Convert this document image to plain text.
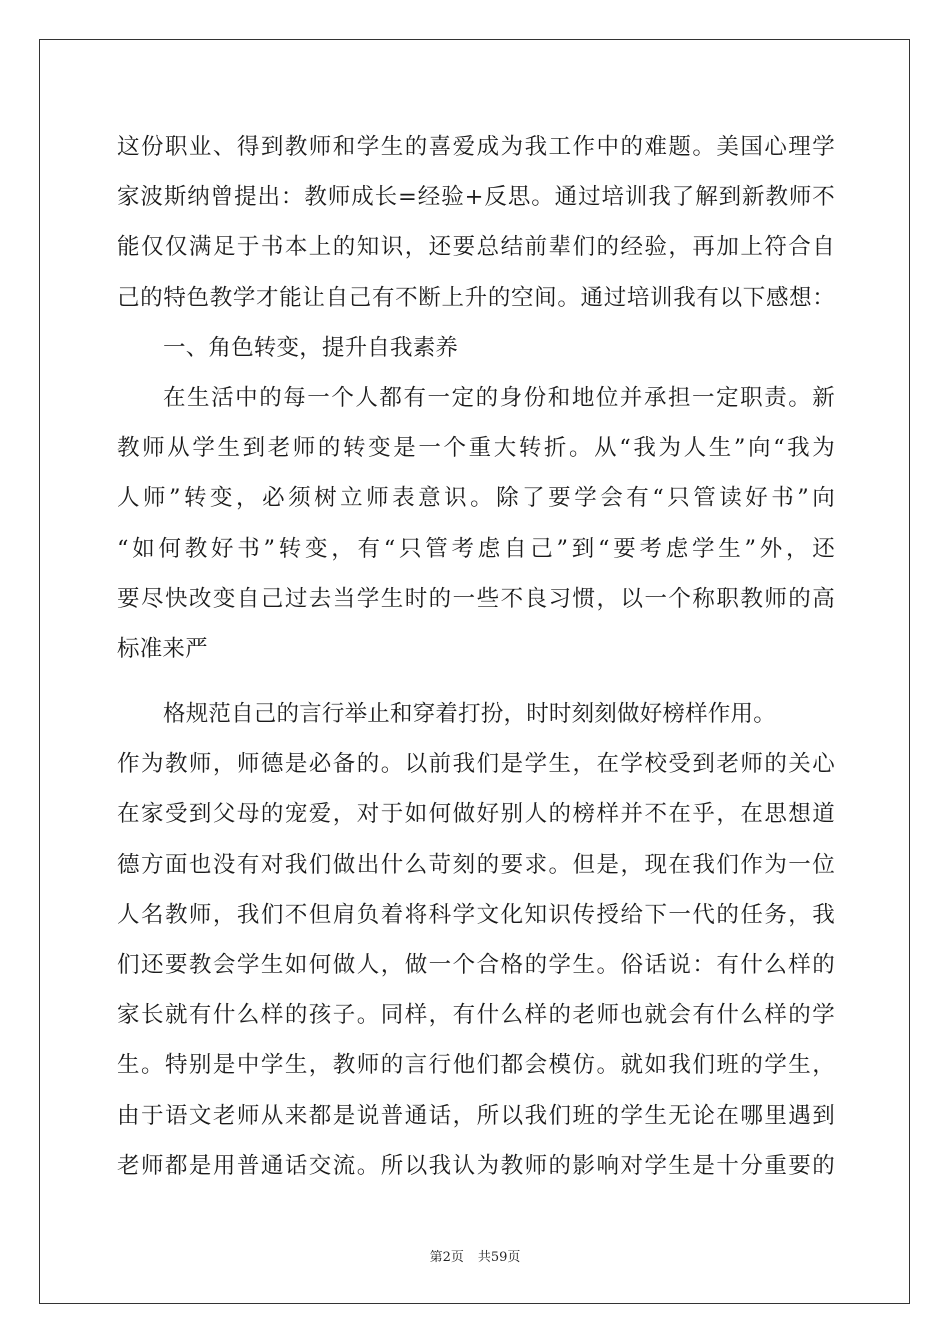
这份职业、得到教师和学生的喜爱成为我工作中的难题。美国心理学
家波斯纳曾提出：教师成长=经验+反思。通过培训我了解到新教师不
能仅仅满足于书本上的知识，还要总结前辈们的经验，再加上符合自
己的特色教学才能让自己有不断上升的空间。通过培训我有以下感想：
一、角色转变，提升自我素养
在生活中的每一个人都有一定的身份和地位并承担一定职责。新
教师从学生到老师的转变是一个重大转折。从“我为人生”向“我为
人师”转变，必须树立师表意识。除了要学会有“只管读好书”向
“如何教好书”转变，有“只管考虑自己”到“要考虑学生”外，还
要尽快改变自己过去当学生时的一些不良习惯，以一个称职教师的高
标准来严
格规范自己的言行举止和穿着打扮，时时刻刻做好榜样作用。
作为教师，师德是必备的。以前我们是学生，在学校受到老师的关心
在家受到父母的宠爱，对于如何做好别人的榜样并不在乎，在思想道
德方面也没有对我们做出什么苛刻的要求。但是，现在我们作为一位
人名教师，我们不但肩负着将科学文化知识传授给下一代的任务，我
们还要教会学生如何做人，做一个合格的学生。俗话说：有什么样的
家长就有什么样的孩子。同样，有什么样的老师也就会有什么样的学
生。特别是中学生，教师的言行他们都会模仿。就如我们班的学生，
由于语文老师从来都是说普通话，所以我们班的学生无论在哪里遇到
老师都是用普通话交流。所以我认为教师的影响对学生是十分重要的
第2页 共59页
